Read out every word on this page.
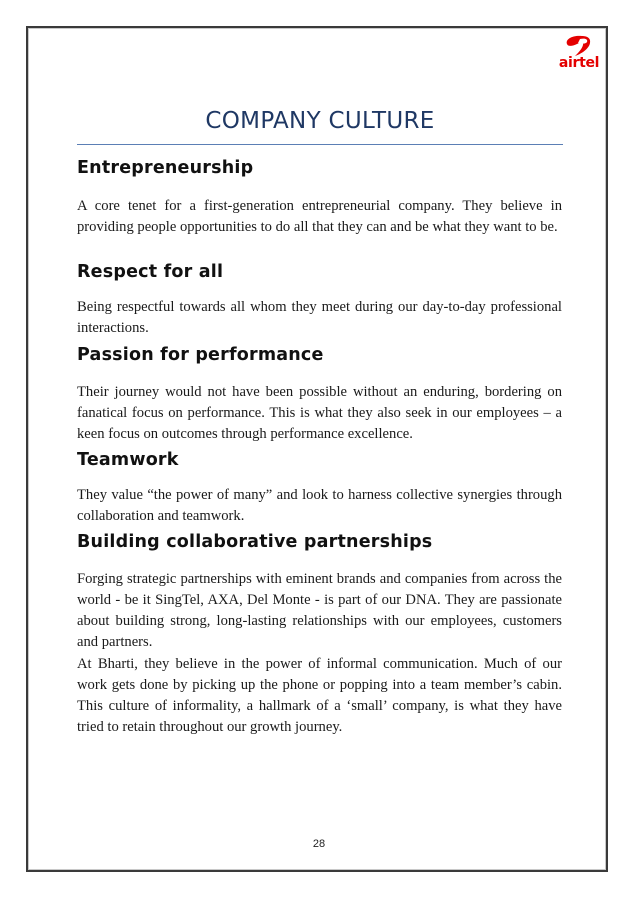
airtel
COMPANY CULTURE
Entrepreneurship
A core tenet for a first-generation entrepreneurial company. They believe in providing people opportunities to do all that they can and be what they want to be.
Respect for all
Being respectful towards all whom they meet during our day-to-day professional interactions.
Passion for performance
Their journey would not have been possible without an enduring, bordering on fanatical focus on performance. This is what they also seek in our employees – a keen focus on outcomes through performance excellence.
Teamwork
They value “the power of many” and look to harness collective synergies through collaboration and teamwork.
Building collaborative partnerships
Forging strategic partnerships with eminent brands and companies from across the world - be it SingTel, AXA, Del Monte - is part of our DNA. They are passionate about building strong, long-lasting relationships with our employees, customers and partners.
At Bharti, they believe in the power of informal communication. Much of our work gets done by picking up the phone or popping into a team member’s cabin. This culture of informality, a hallmark of a ‘small’ company, is what they have tried to retain throughout our growth journey.
28
